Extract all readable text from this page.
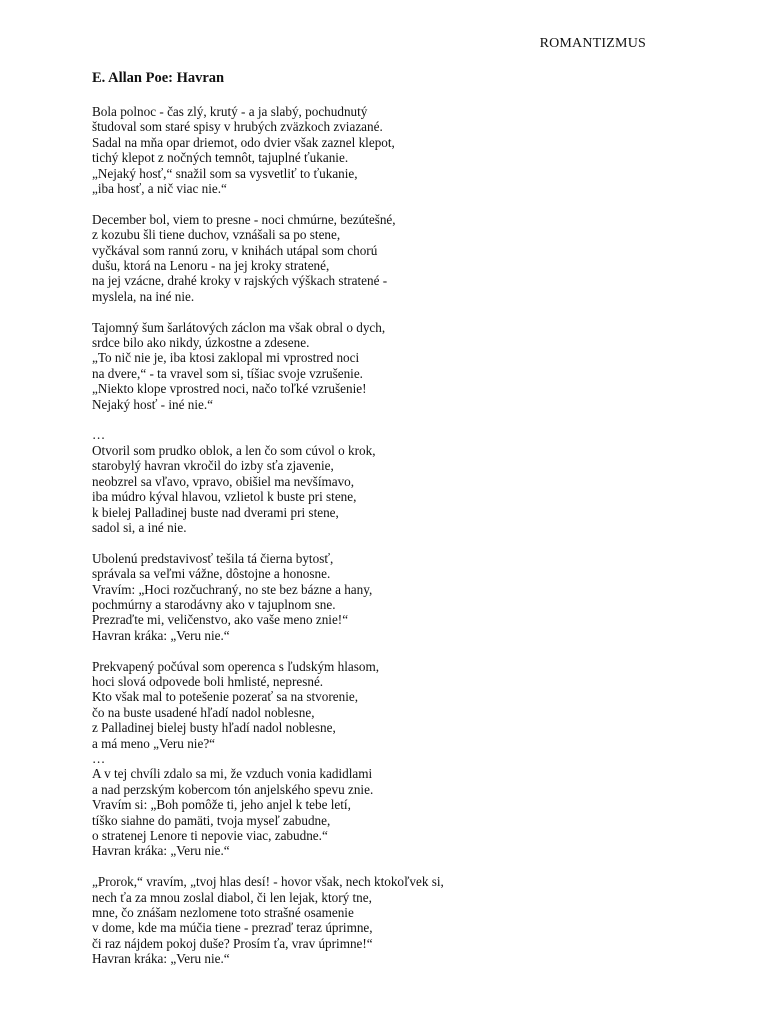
ROMANTIZMUS
E. Allan Poe: Havran
Bola polnoc - čas zlý, krutý - a ja slabý, pochudnutý
študoval som staré spisy v hrubých zväzkoch zviazané.
Sadal na mňa opar driemot, odo dvier však zaznel klepot,
tichý klepot z nočných temnôt, tajuplné ťukanie.
„Nejaký hosť,“ snažil som sa vysvetliť to ťukanie,
„iba hosť, a nič viac nie.“
December bol, viem to presne - noci chmúrne, bezútešné,
z kozubu šli tiene duchov, vznášali sa po stene,
vyčkával som rannú zoru, v knihách utápal som chorú
dušu, ktorá na Lenoru - na jej kroky stratené,
na jej vzácne, drahé kroky v rajských výškach stratené -
myslela, na iné nie.
Tajomný šum šarlátových záclon ma však obral o dych,
srdce bilo ako nikdy, úzkostne a zdesene.
„To nič nie je, iba ktosi zaklopal mi vprostred noci
na dvere,“ - ta vravel som si, tíšiac svoje vzrušenie.
„Niekto klope vprostred noci, načo toľké vzrušenie!
Nejaký hosť - iné nie.“
…
Otvoril som prudko oblok, a len čo som cúvol o krok,
starobylý havran vkročil do izby sťa zjavenie,
neobzrel sa vľavo, vpravo, obišiel ma nevšímavo,
iba múdro kýval hlavou, vzlietol k buste pri stene,
k bielej Palladinej buste nad dverami pri stene,
sadol si, a iné nie.
Ubolenú predstavivosť tešila tá čierna bytosť,
správala sa veľmi vážne, dôstojne a honosne.
Vravím: „Hoci rozčuchraný, no ste bez bázne a hany,
pochmúrny a starodávny ako v tajuplnom sne.
Prezraďte mi, veličenstvo, ako vaše meno znie!“
Havran kráka: „Veru nie.“
Prekvapený počúval som operenca s ľudským hlasom,
hoci slová odpovede boli hmlisté, nepresné.
Kto však mal to potešenie pozerať sa na stvorenie,
čo na buste usadené hľadí nadol noblesne,
z Palladinej bielej busty hľadí nadol noblesne,
a má meno „Veru nie?“
…
A v tej chvíli zdalo sa mi, že vzduch vonia kadidlami
a nad perzským kobercom tón anjelského spevu znie.
Vravím si: „Boh pomôže ti, jeho anjel k tebe letí,
tíško siahne do pamäti, tvoja myseľ zabudne,
o stratenej Lenore ti nepovie viac, zabudne.“
Havran kráka: „Veru nie.“
„Prorok,“ vravím, „tvoj hlas desí! - hovor však, nech ktokoľvek si,
nech ťa za mnou zoslal diabol, či len lejak, ktorý tne,
mne, čo znášam nezlomene toto strašné osamenie
v dome, kde ma múčia tiene - prezraď teraz úprimne,
či raz nájdem pokoj duše? Prosím ťa, vrav úprimne!“
Havran kráka: „Veru nie.“
